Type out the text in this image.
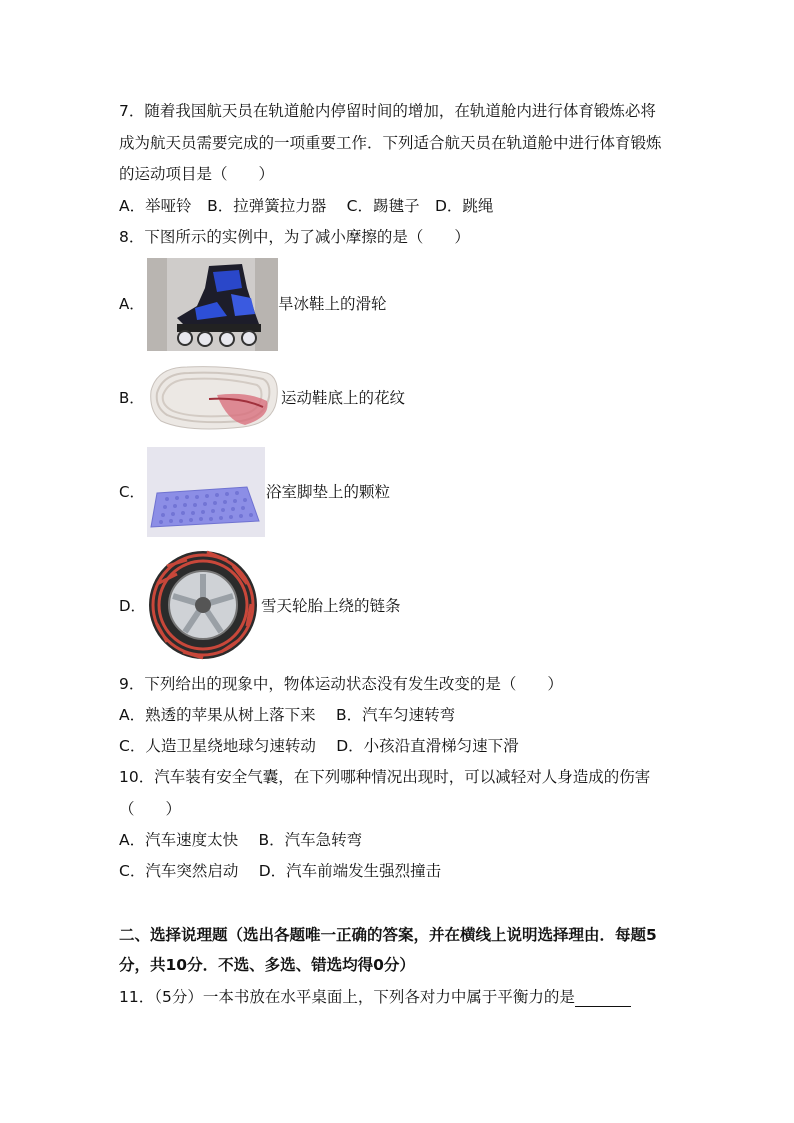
7．随着我国航天员在轨道舱内停留时间的增加，在轨道舱内进行体育锻炼必将
成为航天员需要完成的一项重要工作．下列适合航天员在轨道舱中进行体育锻炼
的运动项目是（　　）
A．举哑铃　B．拉弹簧拉力器　 C．踢毽子　D．跳绳
8．下图所示的实例中，为了减小摩擦的是（　　）
A．	旱冰鞋上的滑轮
B．	运动鞋底上的花纹
C．	浴室脚垫上的颗粒
D．	雪天轮胎上绕的链条
9．下列给出的现象中，物体运动状态没有发生改变的是（　　）
A．熟透的苹果从树上落下来　 B．汽车匀速转弯
C．人造卫星绕地球匀速转动　 D．小孩沿直滑梯匀速下滑
10．汽车装有安全气囊，在下列哪种情况出现时，可以减轻对人身造成的伤害
（　　）
A．汽车速度太快　 B．汽车急转弯
C．汽车突然启动　 D．汽车前端发生强烈撞击
二、选择说理题（选出各题唯一正确的答案，并在横线上说明选择理由．每题5
分，共10分．不选、多选、错选均得0分）
11．（5分）一本书放在水平桌面上，下列各对力中属于平衡力的是
